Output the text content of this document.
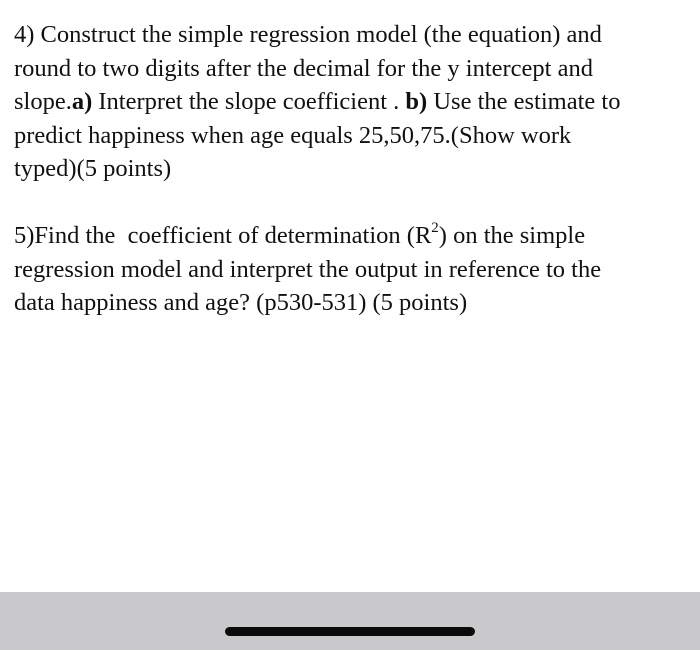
4) Construct the simple regression model (the equation) and
round to two digits after the decimal for the y intercept and
slope.a) Interpret the slope coefficient . b) Use the estimate to
predict happiness when age equals 25,50,75.(Show work
typed)(5 points)
5)Find the  coefficient of determination $(R^2)$ on the simple
regression model and interpret the output in reference to the
data happiness and age? (p530-531) (5 points)
